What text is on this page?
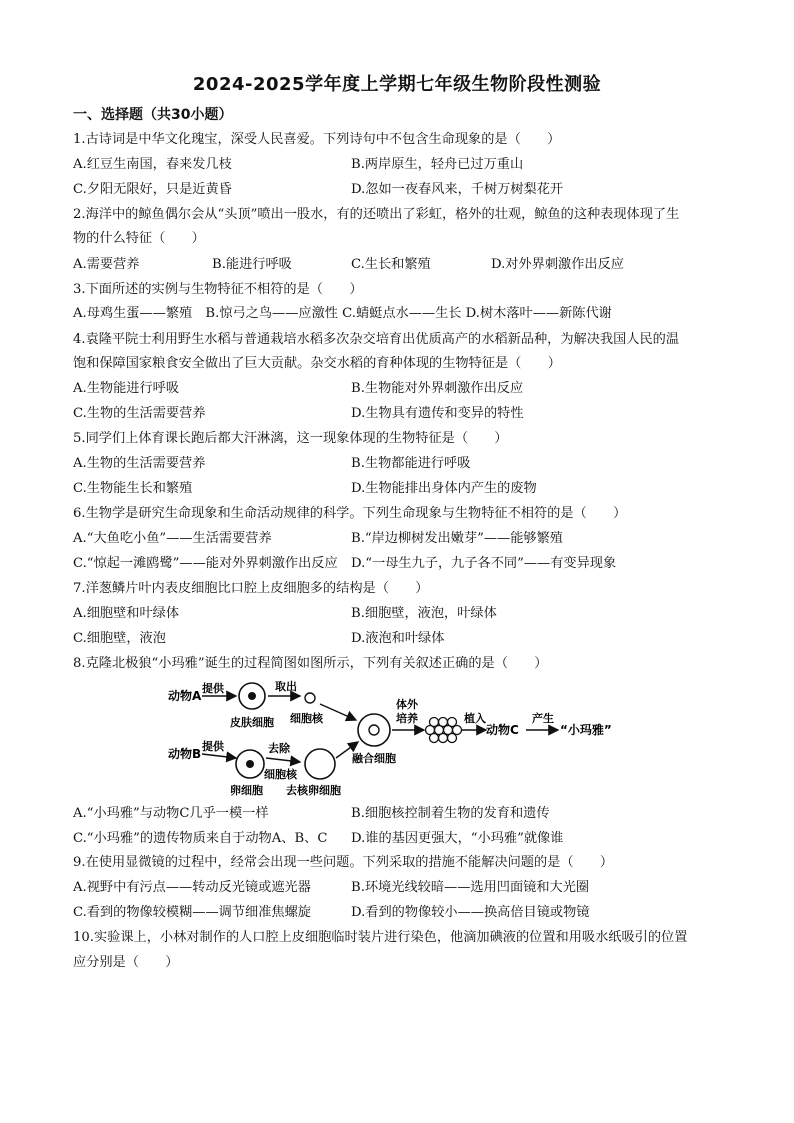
2024-2025学年度上学期七年级生物阶段性测验
一、选择题（共30小题）
1.古诗词是中华文化瑰宝，深受人民喜爱。下列诗句中不包含生命现象的是（　　）
A.红豆生南国，春来发几枝	B.两岸原生，轻舟已过万重山
C.夕阳无限好，只是近黄昏	D.忽如一夜春风来，千树万树梨花开
2.海洋中的鲸鱼偶尔会从“头顶”喷出一股水，有的还喷出了彩虹，格外的壮观，鲸鱼的这种表现体现了生
物的什么特征（　　）
A.需要营养	B.能进行呼吸	C.生长和繁殖	D.对外界刺激作出反应
3.下面所述的实例与生物特征不相符的是（　　）
A.母鸡生蛋——繁殖　B.惊弓之鸟——应激性 C.蜻蜓点水——生长 D.树木落叶——新陈代谢
4.袁隆平院士利用野生水稻与普通栽培水稻多次杂交培育出优质高产的水稻新品种，为解决我国人民的温
饱和保障国家粮食安全做出了巨大贡献。杂交水稻的育种体现的生物特征是（　　）
A.生物能进行呼吸	B.生物能对外界刺激作出反应
C.生物的生活需要营养	D.生物具有遗传和变异的特性
5.同学们上体育课长跑后都大汗淋漓，这一现象体现的生物特征是（　　）
A.生物的生活需要营养	B.生物都能进行呼吸
C.生物能生长和繁殖	D.生物能排出身体内产生的废物
6.生物学是研究生命现象和生命活动规律的科学。下列生命现象与生物特征不相符的是（　　）
A.“大鱼吃小鱼”——生活需要营养	B.“岸边柳树发出嫩芽”——能够繁殖
C.“惊起一滩鸥鹭”——能对外界刺激作出反应 D.“一母生九子，九子各不同”——有变异现象
7.洋葱鳞片叶内表皮细胞比口腔上皮细胞多的结构是（　　）
A.细胞壁和叶绿体	B.细胞壁，液泡，叶绿体
C.细胞壁，液泡	D.液泡和叶绿体
8.克隆北极狼“小玛雅”诞生的过程简图如图所示，下列有关叙述正确的是（　　）
动物A
提供
皮肤细胞
取出
细胞核
动物B
提供
卵细胞
去除
细胞核
去核卵细胞
融合细胞
体外
培养	植入
动物C
产生
“小玛雅”
A.“小玛雅”与动物C几乎一模一样	B.细胞核控制着生物的发育和遗传
C.“小玛雅”的遗传物质来自于动物A、B、C D.谁的基因更强大，“小玛雅”就像谁
9.在使用显微镜的过程中，经常会出现一些问题。下列采取的措施不能解决问题的是（　　）
A.视野中有污点——转动反光镜或遮光器	B.环境光线较暗——选用凹面镜和大光圈
C.看到的物像较模糊——调节细准焦螺旋	D.看到的物像较小——换高倍目镜或物镜
10.实验课上，小林对制作的人口腔上皮细胞临时装片进行染色，他滴加碘液的位置和用吸水纸吸引的位置
应分别是（　　）
